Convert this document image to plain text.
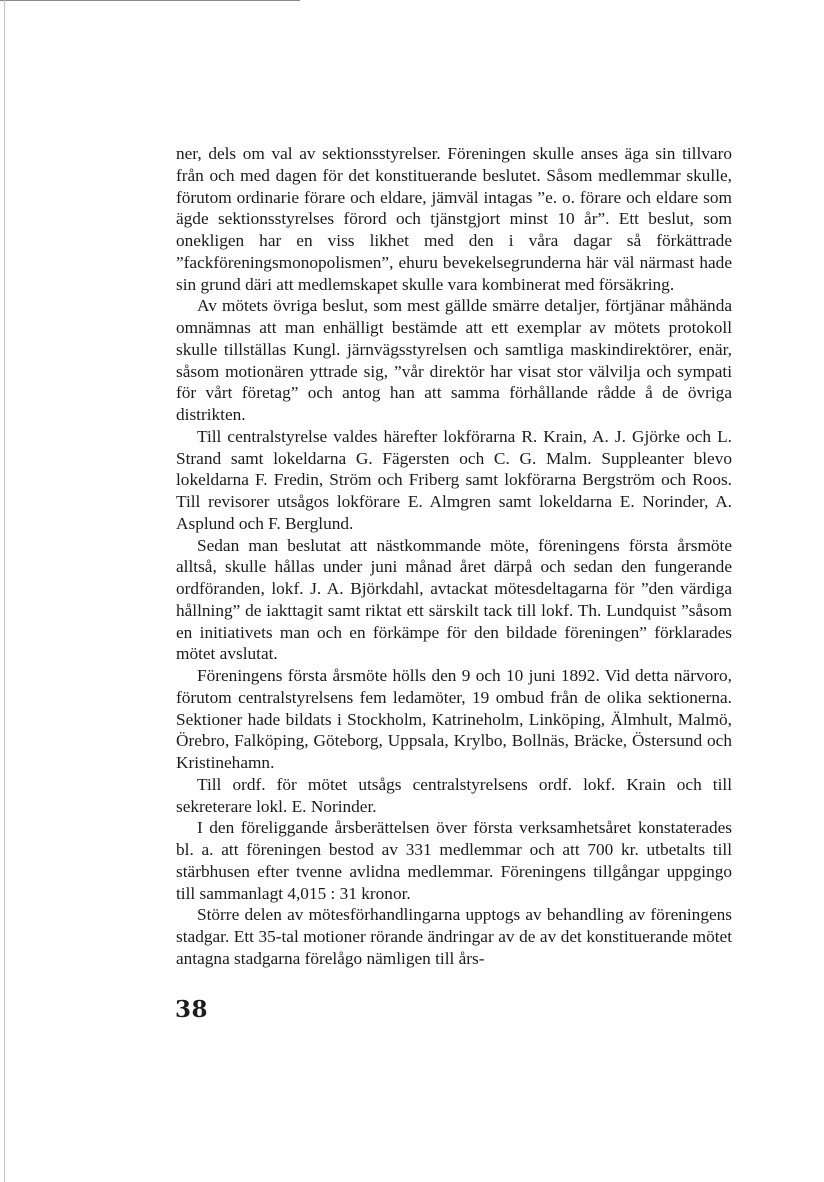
ner, dels om val av sektionsstyrelser. Föreningen skulle anses äga sin tillvaro från och med dagen för det konstituerande beslutet. Såsom medlemmar skulle, förutom ordinarie förare och eldare, jämväl intagas ”e. o. förare och eldare som ägde sektionsstyrelses förord och tjänstgjort minst 10 år”. Ett beslut, som onekligen har en viss likhet med den i våra dagar så förkättrade ”fackföreningsmonopolismen”, ehuru bevekelsegrunderna här väl närmast hade sin grund däri att medlemskapet skulle vara kombinerat med försäkring.

Av mötets övriga beslut, som mest gällde smärre detaljer, förtjänar måhända omnämnas att man enhälligt bestämde att ett exemplar av mötets protokoll skulle tillställas Kungl. järnvägsstyrelsen och samtliga maskindirektörer, enär, såsom motionären yttrade sig, ”vår direktör har visat stor välvilja och sympati för vårt företag” och antog han att samma förhållande rådde å de övriga distrikten.

Till centralstyrelse valdes härefter lokförarna R. Krain, A. J. Gjörke och L. Strand samt lokeldarna G. Fägersten och C. G. Malm. Suppleanter blevo lokeldarna F. Fredin, Ström och Friberg samt lokförarna Bergström och Roos. Till revisorer utsågos lokförare E. Almgren samt lokeldarna E. Norinder, A. Asplund och F. Berglund.

Sedan man beslutat att nästkommande möte, föreningens första årsmöte alltså, skulle hållas under juni månad året därpå och sedan den fungerande ordföranden, lokf. J. A. Björkdahl, avtackat mötesdeltagarna för ”den värdiga hållning” de iakttagit samt riktat ett särskilt tack till lokf. Th. Lundquist ”såsom en initiativets man och en förkämpe för den bildade föreningen” förklarades mötet avslutat.

Föreningens första årsmöte hölls den 9 och 10 juni 1892. Vid detta närvoro, förutom centralstyrelsens fem ledamöter, 19 ombud från de olika sektionerna. Sektioner hade bildats i Stockholm, Katrineholm, Linköping, Älmhult, Malmö, Örebro, Falköping, Göteborg, Uppsala, Krylbo, Bollnäs, Bräcke, Östersund och Kristinehamn.

Till ordf. för mötet utsågs centralstyrelsens ordf. lokf. Krain och till sekreterare lokl. E. Norinder.

I den föreliggande årsberättelsen över första verksamhetsåret konstaterades bl. a. att föreningen bestod av 331 medlemmar och att 700 kr. utbetalts till stärbhusen efter tvenne avlidna medlemmar. Föreningens tillgångar uppgingo till sammanlagt 4,015 : 31 kronor.

Större delen av mötesförhandlingarna upptogs av behandling av föreningens stadgar. Ett 35-tal motioner rörande ändringar av de av det konstituerande mötet antagna stadgarna förelågo nämligen till års-

38
